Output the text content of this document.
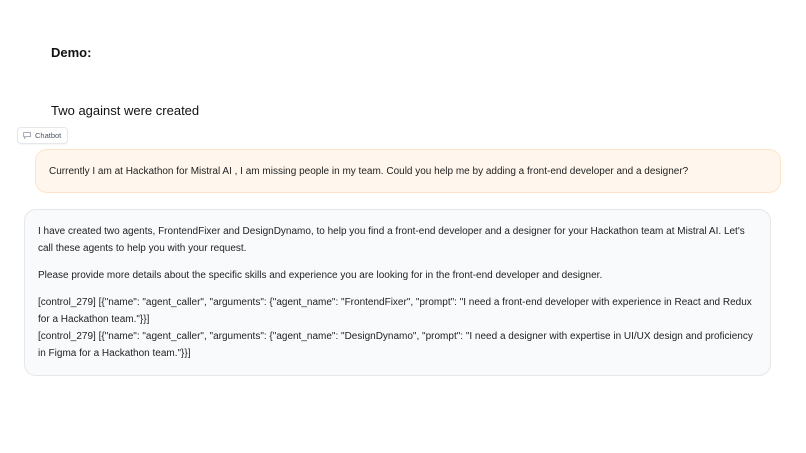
Demo:
Two against were created
Chatbot
Currently I am at Hackathon for Mistral AI , I am missing people in my team. Could you help me by adding a front-end developer and a designer?

I have created two agents, FrontendFixer and DesignDynamo, to help you find a front-end developer and a designer for your Hackathon team at Mistral AI. Let's call these agents to help you with your request.

Please provide more details about the specific skills and experience you are looking for in the front-end developer and designer.

[control_279] [{"name": "agent_caller", "arguments": {"agent_name": "FrontendFixer", "prompt": "I need a front-end developer with experience in React and Redux for a Hackathon team."}}]

[control_279] [{"name": "agent_caller", "arguments": {"agent_name": "DesignDynamo", "prompt": "I need a designer with expertise in UI/UX design and proficiency in Figma for a Hackathon team."}}]
